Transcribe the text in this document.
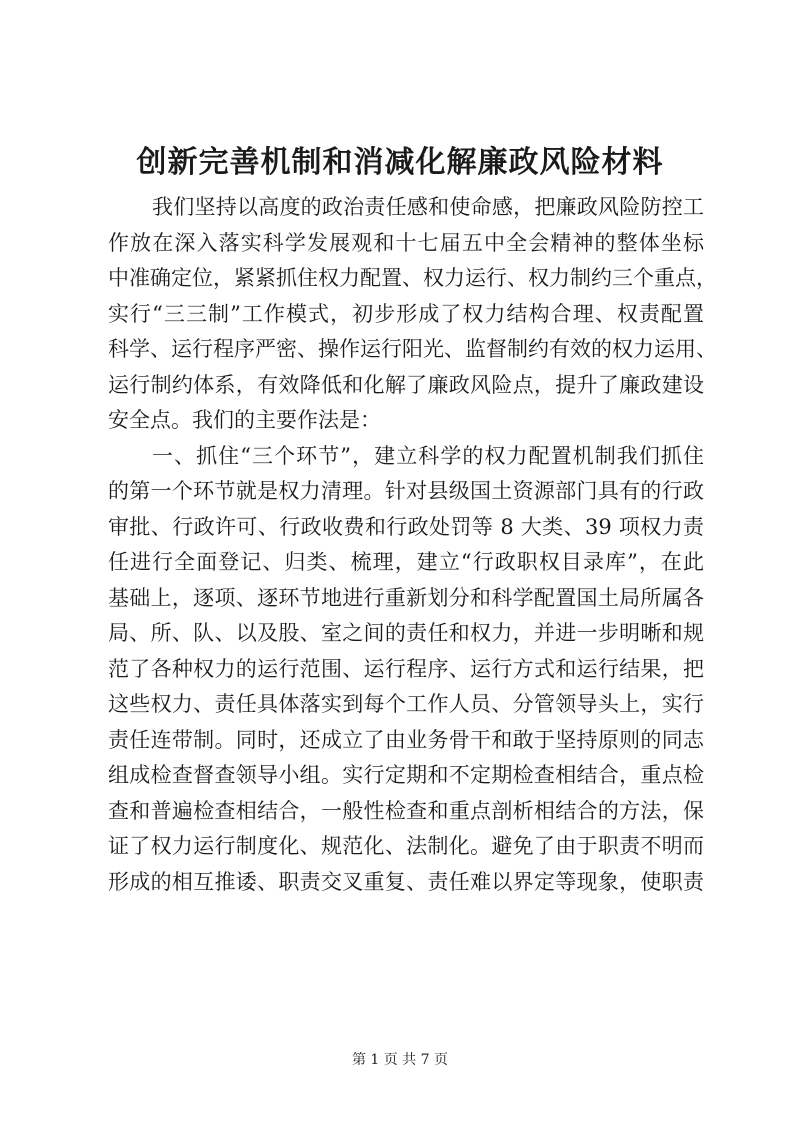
创新完善机制和消减化解廉政风险材料
我们坚持以高度的政治责任感和使命感，把廉政风险防控工
作放在深入落实科学发展观和十七届五中全会精神的整体坐标
中准确定位，紧紧抓住权力配置、权力运行、权力制约三个重点，
实行“三三制”工作模式，初步形成了权力结构合理、权责配置
科学、运行程序严密、操作运行阳光、监督制约有效的权力运用、
运行制约体系，有效降低和化解了廉政风险点，提升了廉政建设
安全点。我们的主要作法是：
一、抓住“三个环节”，建立科学的权力配置机制我们抓住
的第一个环节就是权力清理。针对县级国土资源部门具有的行政
审批、行政许可、行政收费和行政处罚等 8 大类、39 项权力责
任进行全面登记、归类、梳理，建立“行政职权目录库”，在此
基础上，逐项、逐环节地进行重新划分和科学配置国土局所属各
局、所、队、以及股、室之间的责任和权力，并进一步明晰和规
范了各种权力的运行范围、运行程序、运行方式和运行结果，把
这些权力、责任具体落实到每个工作人员、分管领导头上，实行
责任连带制。同时，还成立了由业务骨干和敢于坚持原则的同志
组成检查督查领导小组。实行定期和不定期检查相结合，重点检
查和普遍检查相结合，一般性检查和重点剖析相结合的方法，保
证了权力运行制度化、规范化、法制化。避免了由于职责不明而
形成的相互推诿、职责交叉重复、责任难以界定等现象，使职责
第 1 页 共 7 页
